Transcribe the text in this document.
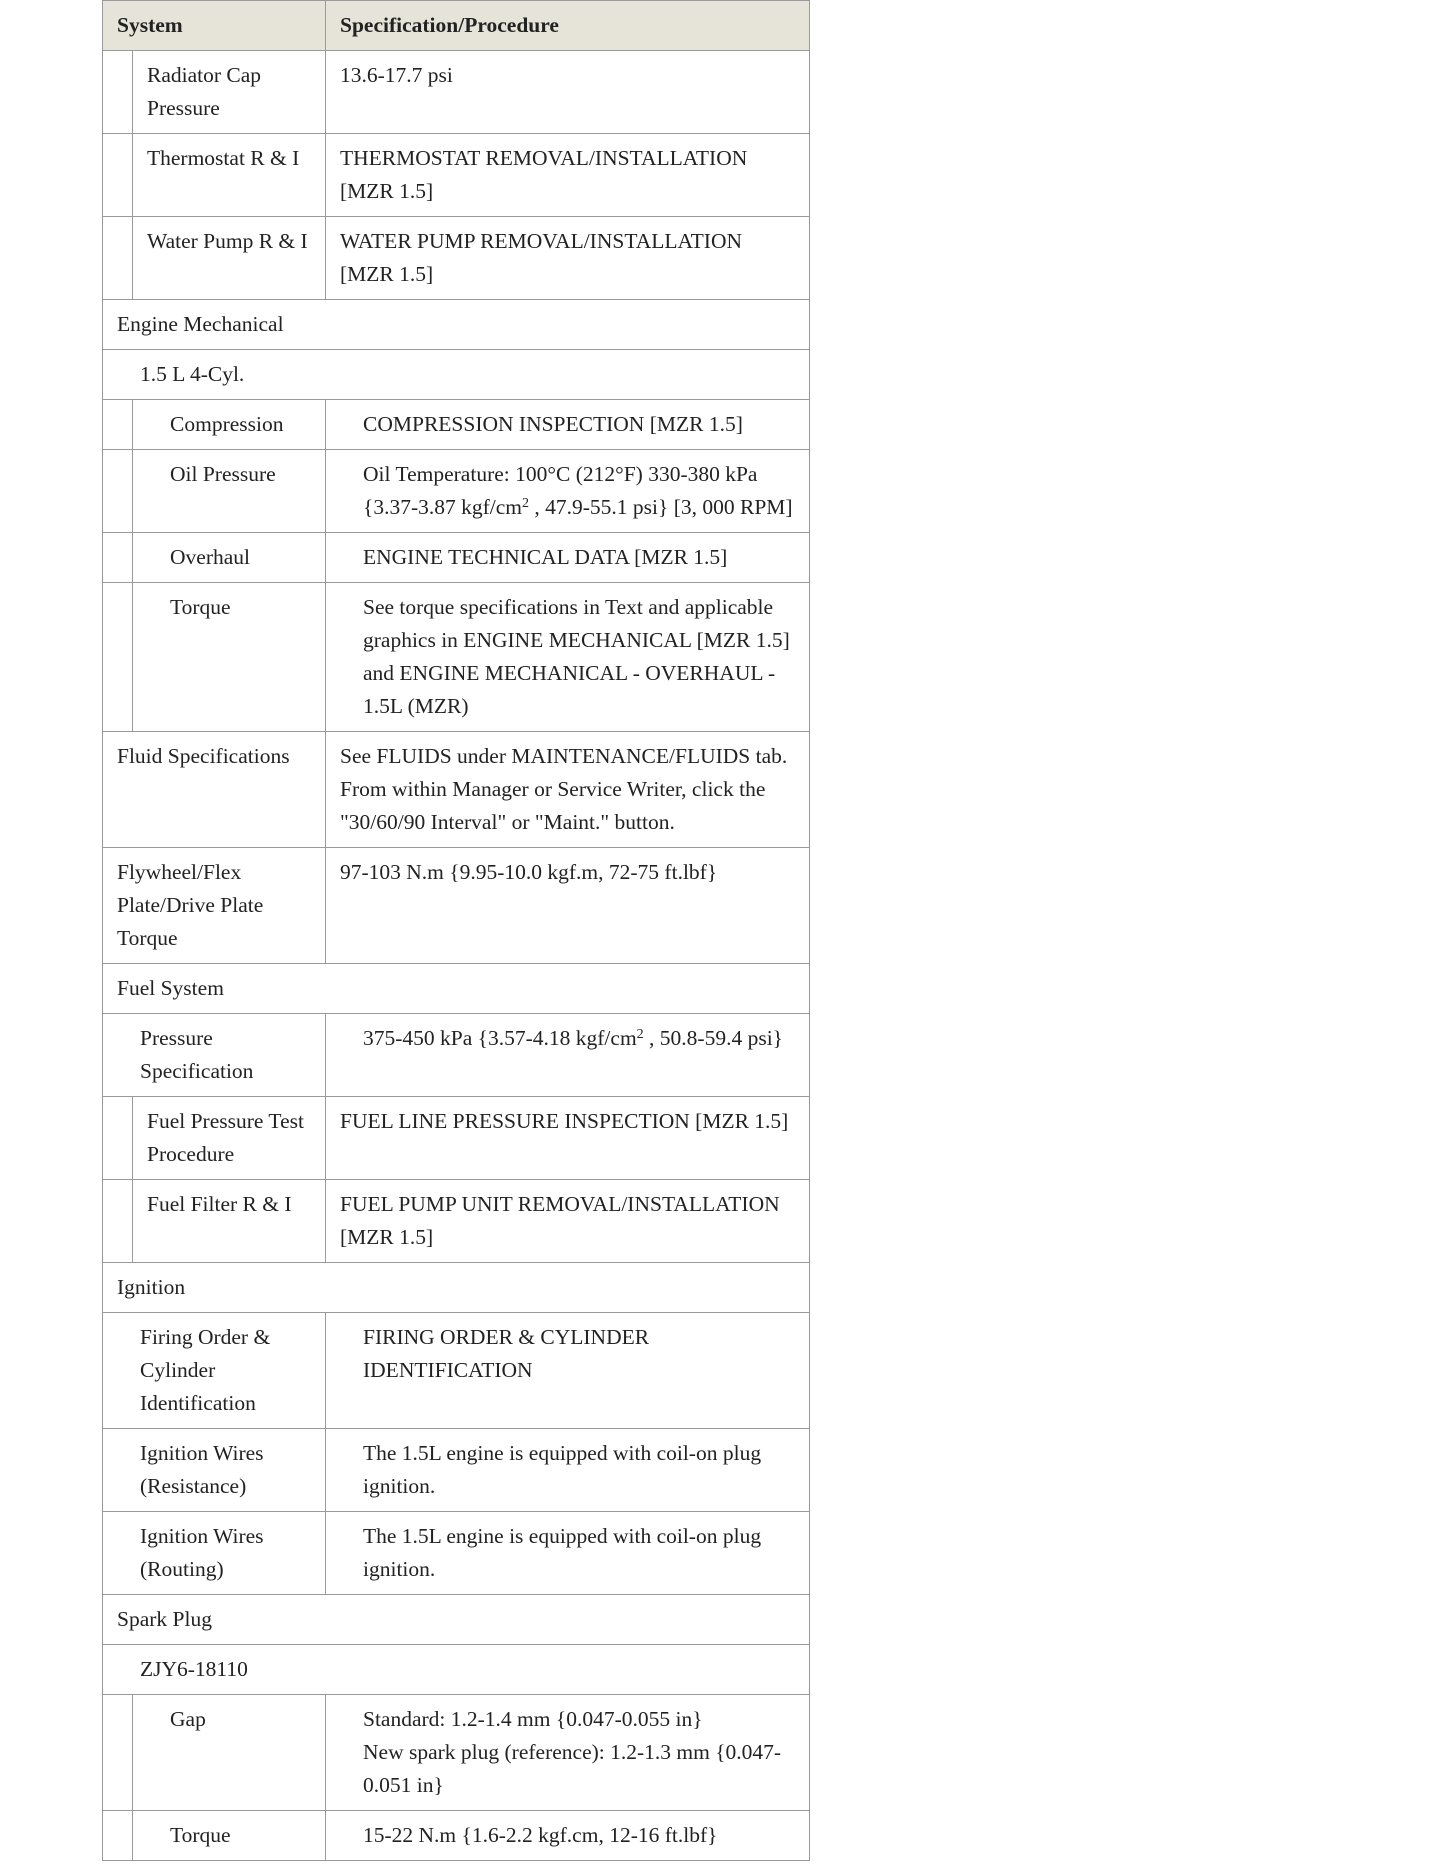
System		Specification/Procedure
	Radiator Cap Pressure	13.6-17.7 psi
	Thermostat R & I	THERMOSTAT REMOVAL/INSTALLATION [MZR 1.5]
	Water Pump R & I	WATER PUMP REMOVAL/INSTALLATION [MZR 1.5]
Engine Mechanical		
1.5 L 4-Cyl.		
	Compression	COMPRESSION INSPECTION [MZR 1.5]
	Oil Pressure	Oil Temperature: 100°C (212°F) 330-380 kPa {3.37-3.87 kgf/$cm^2$ , 47.9-55.1 psi} [3, 000 RPM]
	Overhaul	ENGINE TECHNICAL DATA [MZR 1.5]
	Torque	See torque specifications in Text and applicable graphics in ENGINE MECHANICAL [MZR 1.5] and ENGINE MECHANICAL - OVERHAUL - 1.5L (MZR)
Fluid Specifications		See FLUIDS under MAINTENANCE/FLUIDS tab. From within Manager or Service Writer, click the "30/60/90 Interval" or "Maint." button.
Flywheel/Flex Plate/Drive Plate Torque		97-103 N.m {9.95-10.0 kgf.m, 72-75 ft.lbf}
Fuel System		
Pressure Specification		375-450 kPa {3.57-4.18 kgf/$cm^2$ , 50.8-59.4 psi}
	Fuel Pressure Test Procedure	FUEL LINE PRESSURE INSPECTION [MZR 1.5]
	Fuel Filter R & I	FUEL PUMP UNIT REMOVAL/INSTALLATION [MZR 1.5]
Ignition		
Firing Order & Cylinder Identification		FIRING ORDER & CYLINDER IDENTIFICATION
Ignition Wires (Resistance)		The 1.5L engine is equipped with coil-on plug ignition.
Ignition Wires (Routing)		The 1.5L engine is equipped with coil-on plug ignition.
Spark Plug		
ZJY6-18110		
	Gap	Standard: 1.2-1.4 mm {0.047-0.055 in}
New spark plug (reference): 1.2-1.3 mm {0.047-0.051 in}

	Torque	15-22 N.m {1.6-2.2 kgf.cm, 12-16 ft.lbf}
